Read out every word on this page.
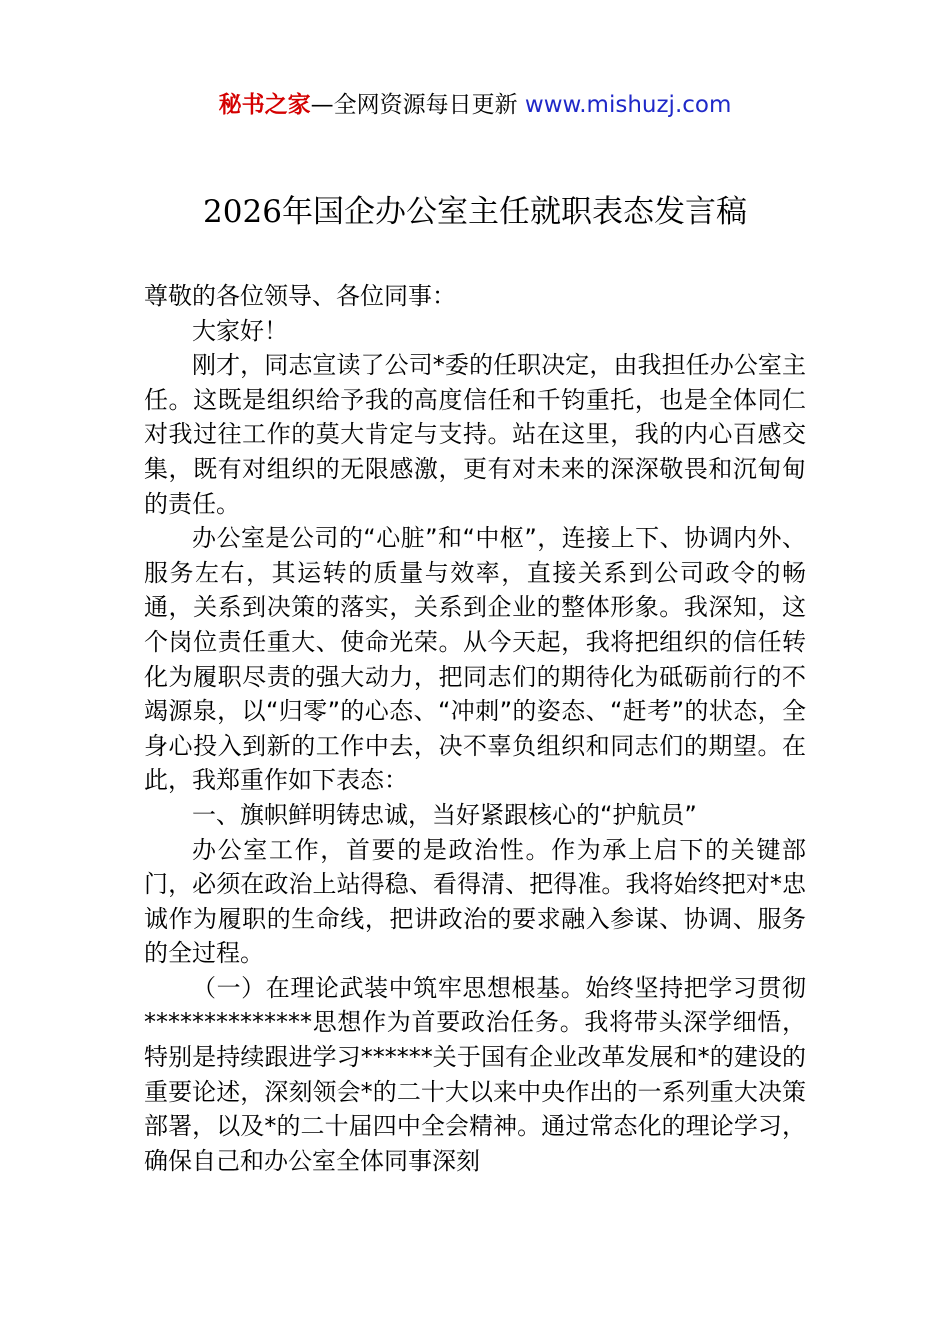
秘书之家—全网资源每日更新 www.mishuzj.com
2026年国企办公室主任就职表态发言稿

尊敬的各位领导、各位同事：

大家好！

刚才，同志宣读了公司*委的任职决定，由我担任办公室主任。这既是组织给予我的高度信任和千钧重托，也是全体同仁对我过往工作的莫大肯定与支持。站在这里，我的内心百感交集，既有对组织的无限感激，更有对未来的深深敬畏和沉甸甸的责任。

办公室是公司的“心脏”和“中枢”，连接上下、协调内外、服务左右，其运转的质量与效率，直接关系到公司政令的畅通，关系到决策的落实，关系到企业的整体形象。我深知，这个岗位责任重大、使命光荣。从今天起，我将把组织的信任转化为履职尽责的强大动力，把同志们的期待化为砥砺前行的不竭源泉，以“归零”的心态、“冲刺”的姿态、“赶考”的状态，全身心投入到新的工作中去，决不辜负组织和同志们的期望。在此，我郑重作如下表态：

一、旗帜鲜明铸忠诚，当好紧跟核心的“护航员”

办公室工作，首要的是政治性。作为承上启下的关键部门，必须在政治上站得稳、看得清、把得准。我将始终把对*忠诚作为履职的生命线，把讲政治的要求融入参谋、协调、服务的全过程。

（一）在理论武装中筑牢思想根基。始终坚持把学习贯彻**************思想作为首要政治任务。我将带头深学细悟，特别是持续跟进学习******关于国有企业改革发展和*的建设的重要论述，深刻领会*的二十大以来中央作出的一系列重大决策部署，以及*的二十届四中全会精神。通过常态化的理论学习，确保自己和办公室全体同事深刻
